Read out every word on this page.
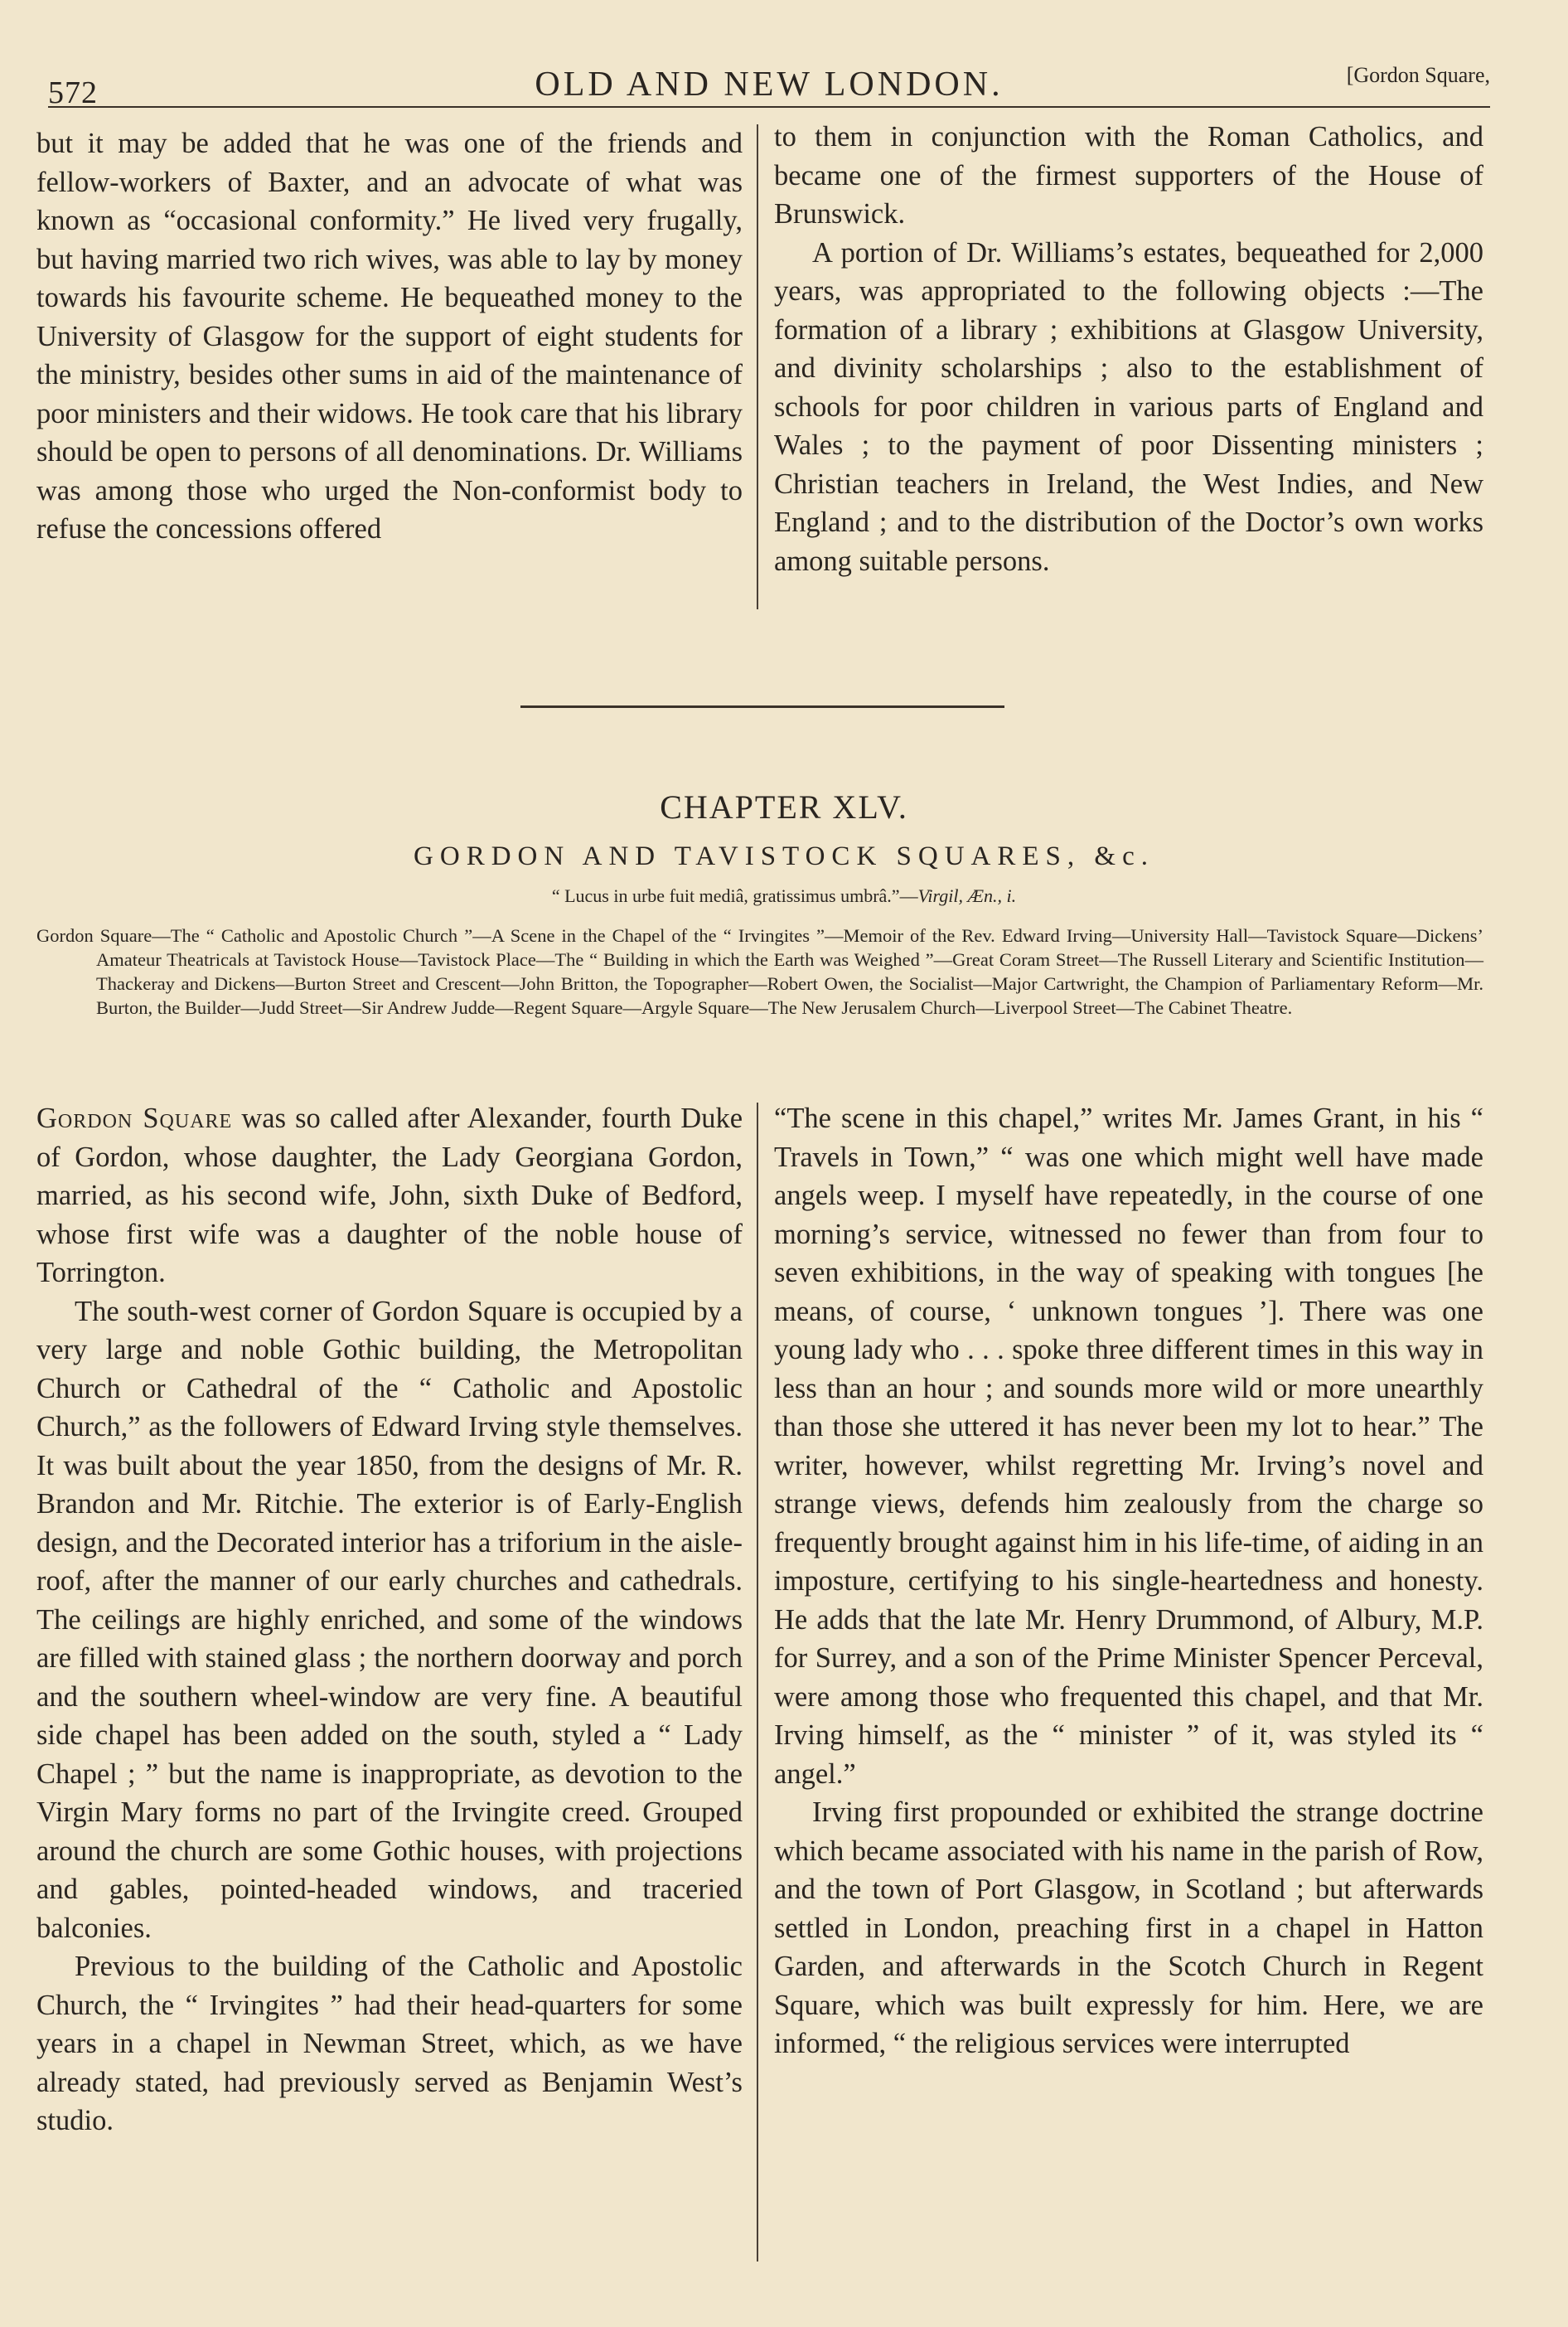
572	OLD AND NEW LONDON.	[Gordon Square,

but it may be added that he was one of the friends and fellow-workers of Baxter, and an advocate of what was known as “occasional conformity.” He lived very frugally, but having married two rich wives, was able to lay by money towards his favourite scheme. He bequeathed money to the University of Glasgow for the support of eight students for the ministry, besides other sums in aid of the maintenance of poor ministers and their widows. He took care that his library should be open to persons of all denominations. Dr. Williams was among those who urged the Non-conformist body to refuse the concessions offered

to them in conjunction with the Roman Catholics, and became one of the firmest supporters of the House of Brunswick.

A portion of Dr. Williams’s estates, bequeathed for 2,000 years, was appropriated to the following objects :—The formation of a library ; exhibitions at Glasgow University, and divinity scholarships ; also to the establishment of schools for poor children in various parts of England and Wales ; to the payment of poor Dissenting ministers ; Christian teachers in Ireland, the West Indies, and New England ; and to the distribution of the Doctor’s own works among suitable persons.

CHAPTER XLV.
GORDON AND TAVISTOCK SQUARES, &c.
“ Lucus in urbe fuit mediâ, gratissimus umbrâ.”—Virgil, Æn., i.
Gordon Square—The “ Catholic and Apostolic Church ”—A Scene in the Chapel of the “ Irvingites ”—Memoir of the Rev. Edward Irving—University Hall—Tavistock Square—Dickens’ Amateur Theatricals at Tavistock House—Tavistock Place—The “ Building in which the Earth was Weighed ”—Great Coram Street—The Russell Literary and Scientific Institution—Thackeray and Dickens—Burton Street and Crescent—John Britton, the Topographer—Robert Owen, the Socialist—Major Cartwright, the Champion of Parliamentary Reform—Mr. Burton, the Builder—Judd Street—Sir Andrew Judde—Regent Square—Argyle Square—The New Jerusalem Church—Liverpool Street—The Cabinet Theatre.

Gordon Square was so called after Alexander, fourth Duke of Gordon, whose daughter, the Lady Georgiana Gordon, married, as his second wife, John, sixth Duke of Bedford, whose first wife was a daughter of the noble house of Torrington.

The south-west corner of Gordon Square is occupied by a very large and noble Gothic building, the Metropolitan Church or Cathedral of the “ Catholic and Apostolic Church,” as the followers of Edward Irving style themselves. It was built about the year 1850, from the designs of Mr. R. Brandon and Mr. Ritchie. The exterior is of Early-English design, and the Decorated interior has a triforium in the aisle-roof, after the manner of our early churches and cathedrals. The ceilings are highly enriched, and some of the windows are filled with stained glass ; the northern doorway and porch and the southern wheel-window are very fine. A beautiful side chapel has been added on the south, styled a “ Lady Chapel ; ” but the name is inappropriate, as devotion to the Virgin Mary forms no part of the Irvingite creed. Grouped around the church are some Gothic houses, with projections and gables, pointed-headed windows, and traceried balconies.

Previous to the building of the Catholic and Apostolic Church, the “ Irvingites ” had their head-quarters for some years in a chapel in Newman Street, which, as we have already stated, had previously served as Benjamin West’s studio.

“The scene in this chapel,” writes Mr. James Grant, in his “ Travels in Town,” “ was one which might well have made angels weep. I myself have repeatedly, in the course of one morning’s service, witnessed no fewer than from four to seven exhibitions, in the way of speaking with tongues [he means, of course, ‘ unknown tongues ’]. There was one young lady who . . . spoke three different times in this way in less than an hour ; and sounds more wild or more unearthly than those she uttered it has never been my lot to hear.” The writer, however, whilst regretting Mr. Irving’s novel and strange views, defends him zealously from the charge so frequently brought against him in his life-time, of aiding in an imposture, certifying to his single-heartedness and honesty. He adds that the late Mr. Henry Drummond, of Albury, M.P. for Surrey, and a son of the Prime Minister Spencer Perceval, were among those who frequented this chapel, and that Mr. Irving himself, as the “ minister ” of it, was styled its “ angel.”

Irving first propounded or exhibited the strange doctrine which became associated with his name in the parish of Row, and the town of Port Glasgow, in Scotland ; but afterwards settled in London, preaching first in a chapel in Hatton Garden, and afterwards in the Scotch Church in Regent Square, which was built expressly for him. Here, we are informed, “ the religious services were interrupted
